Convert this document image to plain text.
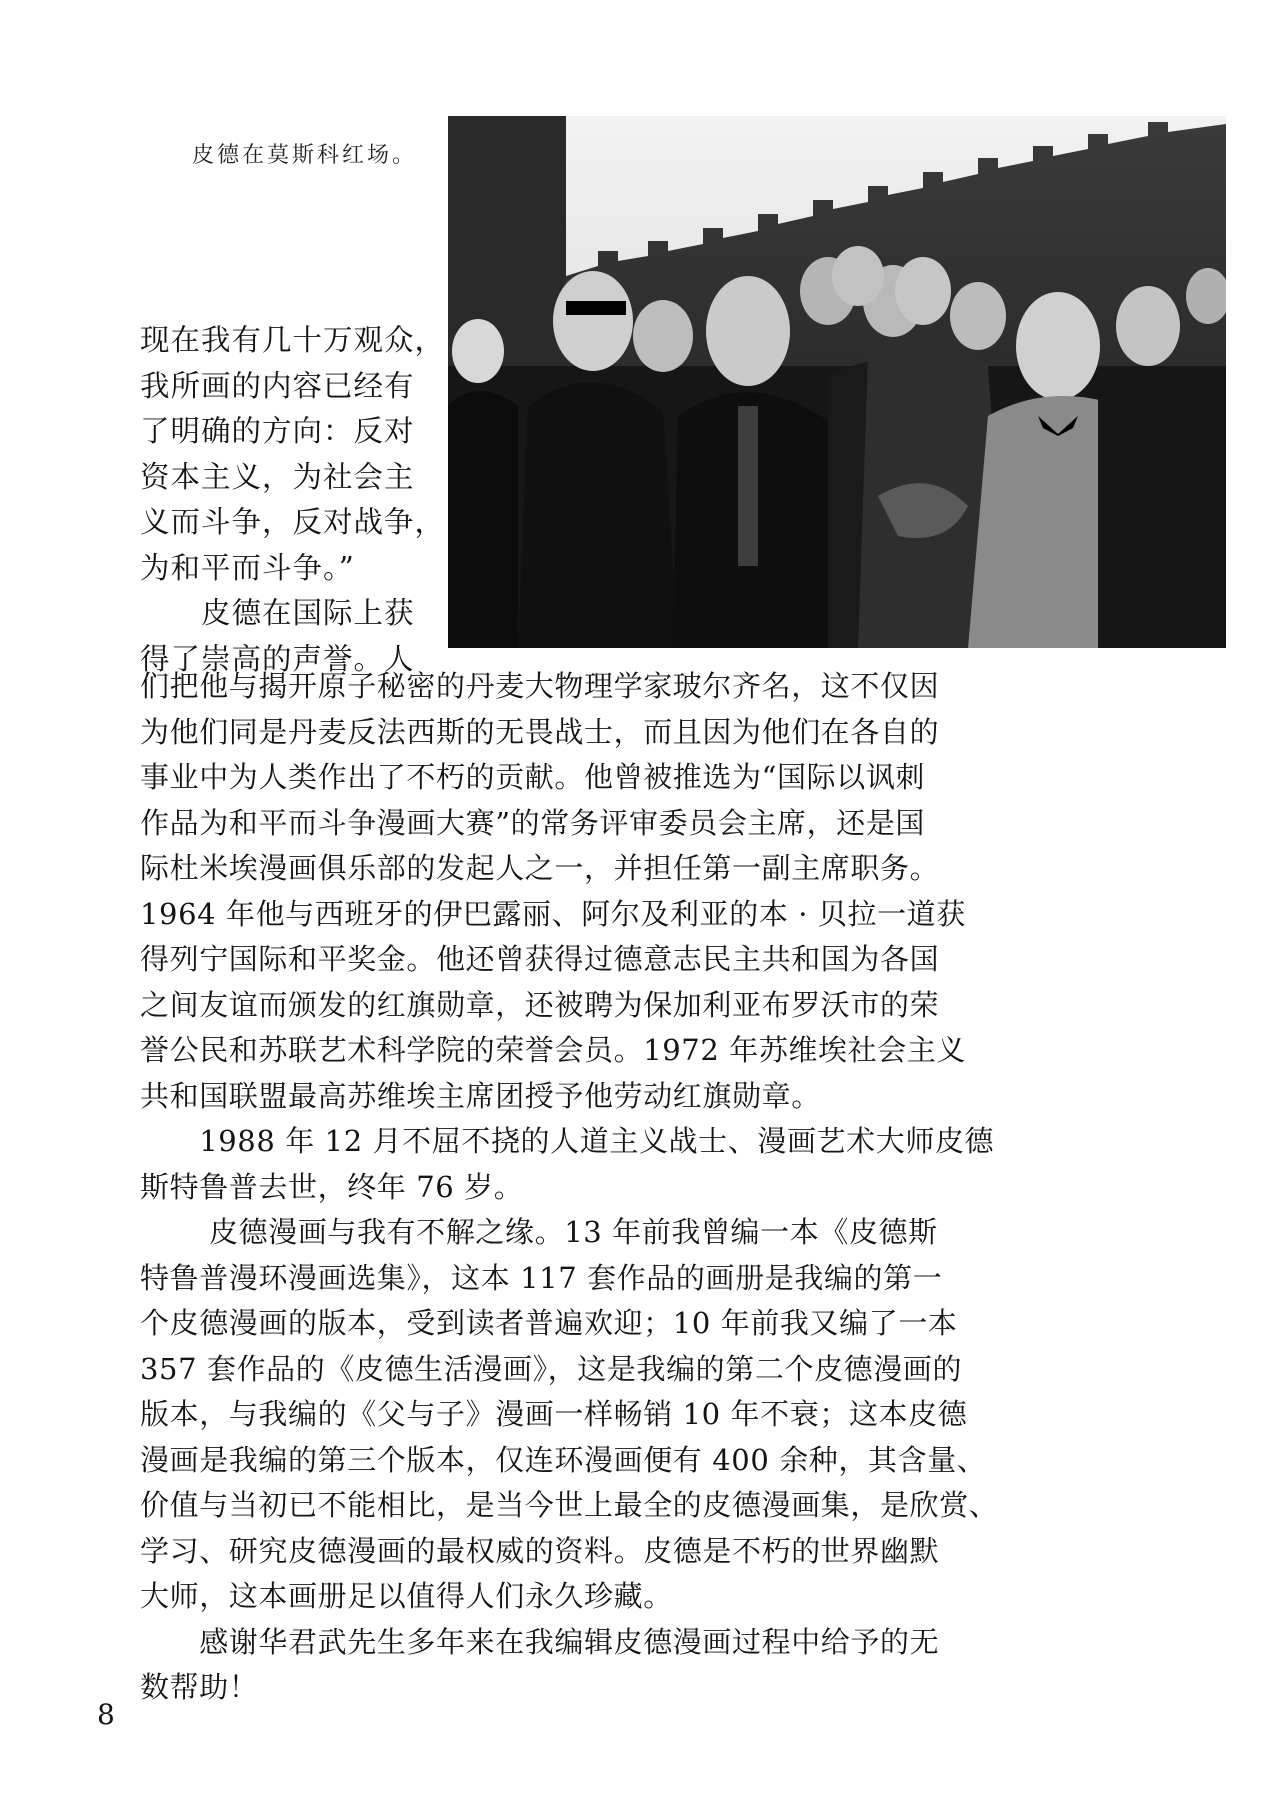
皮德在莫斯科红场。
现在我有几十万观众，
我所画的内容已经有
了明确的方向：反对
资本主义，为社会主
义而斗争，反对战争，
为和平而斗争。”
　　皮德在国际上获
得了崇高的声誉。人
们把他与揭开原子秘密的丹麦大物理学家玻尔齐名，这不仅因
为他们同是丹麦反法西斯的无畏战士，而且因为他们在各自的
事业中为人类作出了不朽的贡献。他曾被推选为“国际以讽刺
作品为和平而斗争漫画大赛”的常务评审委员会主席，还是国
际杜米埃漫画俱乐部的发起人之一，并担任第一副主席职务。
1964 年他与西班牙的伊巴露丽、阿尔及利亚的本 · 贝拉一道获
得列宁国际和平奖金。他还曾获得过德意志民主共和国为各国
之间友谊而颁发的红旗勋章，还被聘为保加利亚布罗沃市的荣
誉公民和苏联艺术科学院的荣誉会员。1972 年苏维埃社会主义
共和国联盟最高苏维埃主席团授予他劳动红旗勋章。
　　1988 年 12 月不屈不挠的人道主义战士、漫画艺术大师皮德
斯特鲁普去世，终年 76 岁。
　　 皮德漫画与我有不解之缘。13 年前我曾编一本《皮德斯
特鲁普漫环漫画选集》，这本 117 套作品的画册是我编的第一
个皮德漫画的版本，受到读者普遍欢迎；10 年前我又编了一本
357 套作品的《皮德生活漫画》，这是我编的第二个皮德漫画的
版本，与我编的《父与子》漫画一样畅销 10 年不衰；这本皮德
漫画是我编的第三个版本，仅连环漫画便有 400 余种，其含量、
价值与当初已不能相比，是当今世上最全的皮德漫画集，是欣赏、
学习、研究皮德漫画的最权威的资料。皮德是不朽的世界幽默
大师，这本画册足以值得人们永久珍藏。
　　感谢华君武先生多年来在我编辑皮德漫画过程中给予的无
数帮助！
8
